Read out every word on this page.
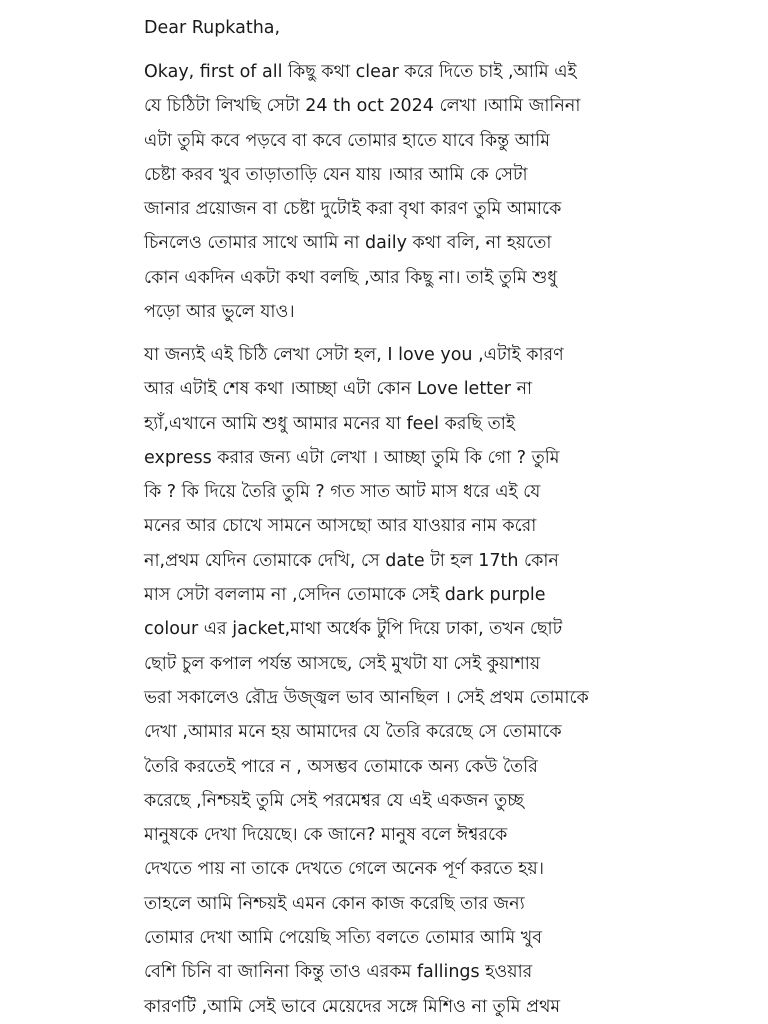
Dear Rupkatha,
Okay, first of all কিছু কথা clear করে দিতে চাই ,আমি এই
যে চিঠিটা লিখছি সেটা 24 th oct 2024 লেখা ।আমি জানিনা
এটা তুমি কবে পড়বে বা কবে তোমার হাতে যাবে কিন্তু আমি
চেষ্টা করব খুব তাড়াতাড়ি যেন যায় ।আর আমি কে সেটা
জানার প্রয়োজন বা চেষ্টা দুটোই করা বৃথা কারণ তুমি আমাকে
চিনলেও তোমার সাথে আমি না daily কথা বলি, না হয়তো
কোন একদিন একটা কথা বলছি ,আর কিছু না। তাই তুমি শুধু
পড়ো আর ভুলে যাও।
যা জন্যই এই চিঠি লেখা সেটা হল, I love you ,এটাই কারণ
আর এটাই শেষ কথা ।আচ্ছা এটা কোন Love letter না
হ্যাঁ,এখানে আমি শুধু আমার মনের যা feel করছি তাই
express করার জন্য এটা লেখা । আচ্ছা তুমি কি গো ? তুমি
কি ? কি দিয়ে তৈরি তুমি ? গত সাত আট মাস ধরে এই যে
মনের আর চোখে সামনে আসছো আর যাওয়ার নাম করো
না,প্রথম যেদিন তোমাকে দেখি, সে date টা হল 17th কোন
মাস সেটা বললাম না ,সেদিন তোমাকে সেই dark purple
colour এর jacket,মাথা অর্ধেক টুপি দিয়ে ঢাকা, তখন ছোট
ছোট চুল কপাল পর্যন্ত আসছে, সেই মুখটা যা সেই কুয়াশায়
ভরা সকালেও রৌদ্র উজ্জ্বল ভাব আনছিল । সেই প্রথম তোমাকে
দেখা ,আমার মনে হয় আমাদের যে তৈরি করেছে সে তোমাকে
তৈরি করতেই পারে ন , অসম্ভব তোমাকে অন্য কেউ তৈরি
করেছে ,নিশ্চয়ই তুমি সেই পরমেশ্বর যে এই একজন তুচ্ছ
মানুষকে দেখা দিয়েছে। কে জানে? মানুষ বলে ঈশ্বরকে
দেখতে পায় না তাকে দেখতে গেলে অনেক পূর্ণ করতে হয়।
তাহলে আমি নিশ্চয়ই এমন কোন কাজ করেছি তার জন্য
তোমার দেখা আমি পেয়েছি সত্যি বলতে তোমার আমি খুব
বেশি চিনি বা জানিনা কিন্তু তাও এরকম fallings হওয়ার
কারণটি ,আমি সেই ভাবে মেয়েদের সঙ্গে মিশিও না তুমি প্রথম
